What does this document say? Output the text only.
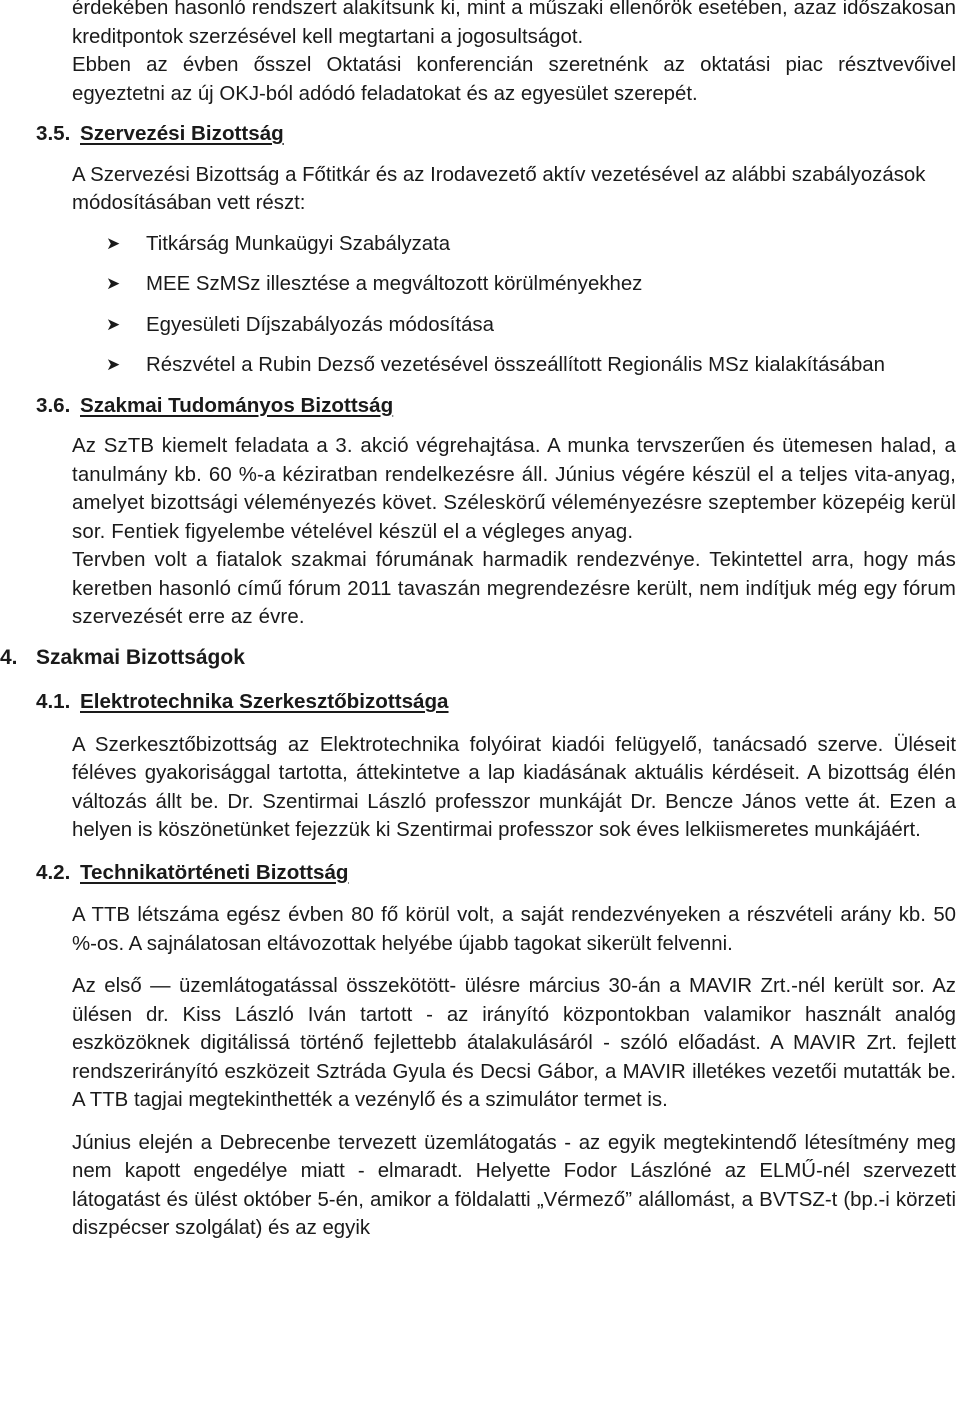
érdekében hasonló rendszert alakítsunk ki, mint a műszaki ellenőrök esetében, azaz időszakosan kreditpontok szerzésével kell megtartani a jogosultságot.
Ebben az évben ősszel Oktatási konferencián szeretnénk az oktatási piac résztvevőivel egyeztetni az új OKJ-ból adódó feladatokat és az egyesület szerepét.
3.5. Szervezési Bizottság
A Szervezési Bizottság a Főtitkár és az Irodavezető aktív vezetésével az alábbi szabályozások módosításában vett részt:
➤ Titkárság Munkaügyi Szabályzata
➤ MEE SzMSz illesztése a megváltozott körülményekhez
➤ Egyesületi Díjszabályozás módosítása
➤ Részvétel a Rubin Dezső vezetésével összeállított Regionális MSz kialakításában
3.6. Szakmai Tudományos Bizottság
Az SzTB kiemelt feladata a 3. akció végrehajtása. A munka tervszerűen és ütemesen halad, a tanulmány kb. 60 %-a kéziratban rendelkezésre áll. Június végére készül el a teljes vita-anyag, amelyet bizottsági véleményezés követ. Széleskörű véleményezésre szeptember közepéig kerül sor. Fentiek figyelembe vételével készül el a végleges anyag.
Tervben volt a fiatalok szakmai fórumának harmadik rendezvénye. Tekintettel arra, hogy más keretben hasonló című fórum 2011 tavaszán megrendezésre került, nem indítjuk még egy fórum szervezését erre az évre.
4. Szakmai Bizottságok
4.1. Elektrotechnika Szerkesztőbizottsága
A Szerkesztőbizottság az Elektrotechnika folyóirat kiadói felügyelő, tanácsadó szerve. Üléseit féléves gyakorisággal tartotta, áttekintetve a lap kiadásának aktuális kérdéseit. A bizottság élén változás állt be. Dr. Szentirmai László professzor munkáját Dr. Bencze János vette át. Ezen a helyen is köszönetünket fejezzük ki Szentirmai professzor sok éves lelkiismeretes munkájáért.
4.2. Technikatörténeti Bizottság
A TTB létszáma egész évben 80 fő körül volt, a saját rendezvényeken a részvételi arány kb. 50 %-os. A sajnálatosan eltávozottak helyébe újabb tagokat sikerült felvenni.
Az első — üzemlátogatással összekötött- ülésre március 30-án a MAVIR Zrt.-nél került sor. Az ülésen dr. Kiss László Iván tartott - az irányító központokban valamikor használt analóg eszközöknek digitálissá történő fejlettebb átalakulásáról - szóló előadást. A MAVIR Zrt. fejlett rendszerirányító eszközeit Sztráda Gyula és Decsi Gábor, a MAVIR illetékes vezetői mutatták be. A TTB tagjai megtekinthették a vezénylő és a szimulátor termet is.
Június elején a Debrecenbe tervezett üzemlátogatás - az egyik megtekintendő létesítmény meg nem kapott engedélye miatt - elmaradt. Helyette Fodor Lászlóné az ELMŰ-nél szervezett látogatást és ülést október 5-én, amikor a földalatti „Vérmező” alállomást, a BVTSZ-t (bp.-i körzeti diszpécser szolgálat) és az egyik
